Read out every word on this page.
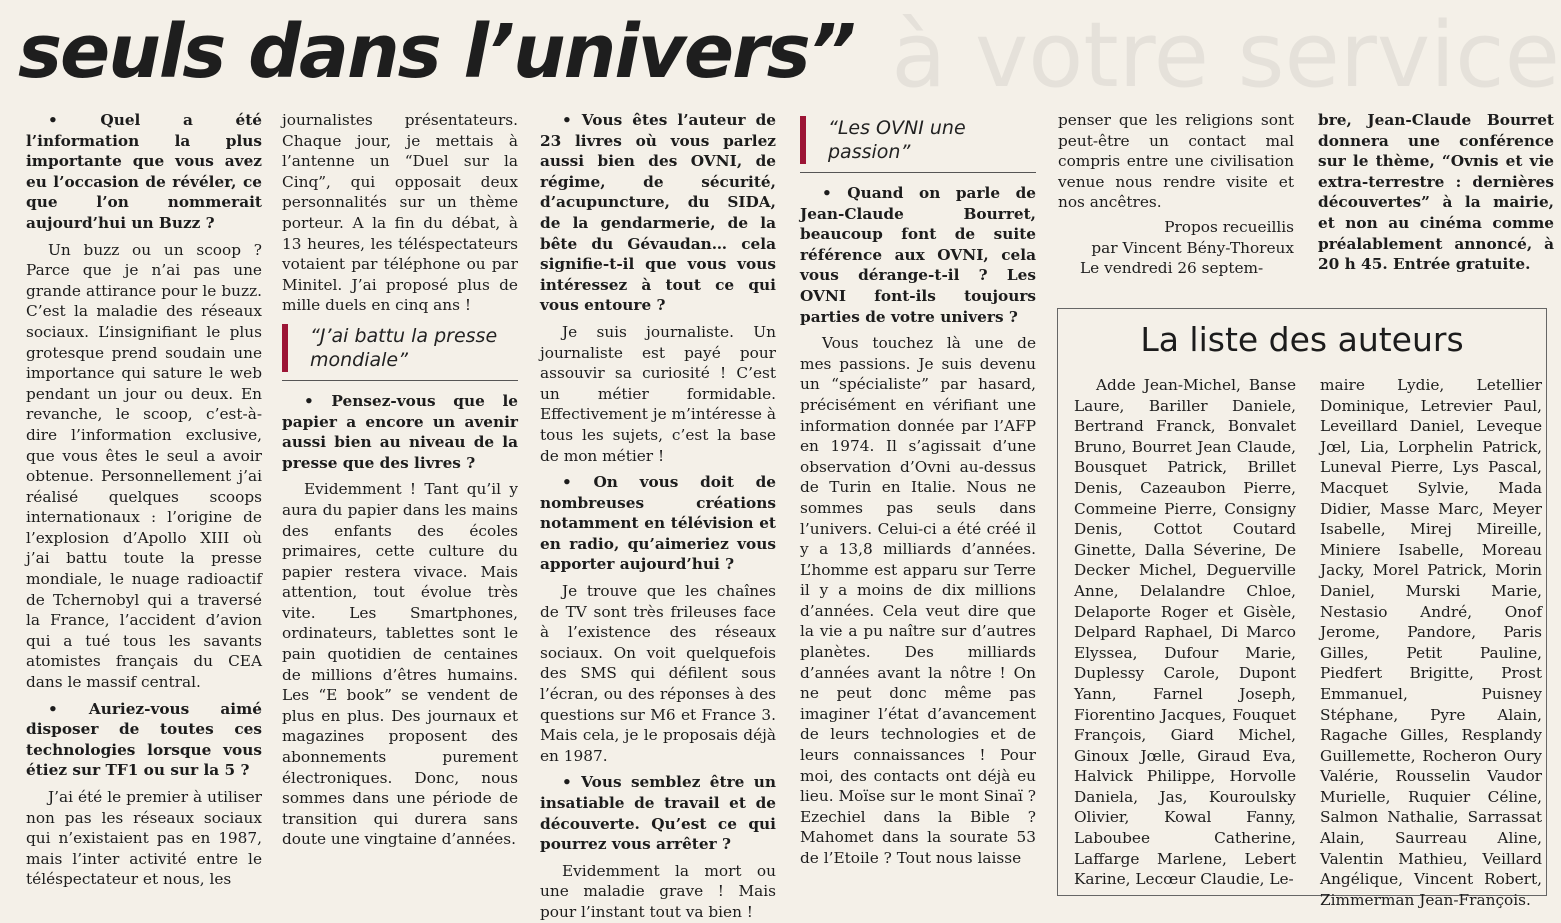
à votre service
seuls dans l’univers”

• Quel a été l’information la plus importante que vous avez eu l’occasion de révéler, ce que l’on nommerait aujourd’hui un Buzz ?

Un buzz ou un scoop ? Parce que je n’ai pas une grande attirance pour le buzz. C’est la maladie des réseaux sociaux. L’insignifiant le plus grotesque prend soudain une importance qui sature le web pendant un jour ou deux. En revanche, le scoop, c’est-à-dire l’information exclusive, que vous êtes le seul a avoir obtenue. Personnellement j’ai réalisé quelques scoops internationaux : l’origine de l’explosion d’Apollo XIII où j’ai battu toute la presse mondiale, le nuage radioactif de Tchernobyl qui a traversé la France, l’accident d’avion qui a tué tous les savants atomistes français du CEA dans le massif central.

• Auriez-vous aimé disposer de toutes ces technologies lorsque vous étiez sur TF1 ou sur la 5 ?

J’ai été le premier à utiliser non pas les réseaux sociaux qui n’existaient pas en 1987, mais l’inter activité entre le téléspectateur et nous, les

journalistes présentateurs. Chaque jour, je mettais à l’antenne un “Duel sur la Cinq”, qui opposait deux personnalités sur un thème porteur. A la fin du débat, à 13 heures, les téléspectateurs votaient par téléphone ou par Minitel. J’ai proposé plus de mille duels en cinq ans !

“J’ai battu la presse mondiale”

• Pensez-vous que le papier a encore un avenir aussi bien au niveau de la presse que des livres ?

Evidemment ! Tant qu’il y aura du papier dans les mains des enfants des écoles primaires, cette culture du papier restera vivace. Mais attention, tout évolue très vite. Les Smartphones, ordinateurs, tablettes sont le pain quotidien de centaines de millions d’êtres humains. Les “E book” se vendent de plus en plus. Des journaux et magazines proposent des abonnements purement électroniques. Donc, nous sommes dans une période de transition qui durera sans doute une vingtaine d’années.

• Vous êtes l’auteur de 23 livres où vous parlez aussi bien des OVNI, de régime, de sécurité, d’acupuncture, du SIDA, de la gendarmerie, de la bête du Gévaudan… cela signifie-t-il que vous vous intéressez à tout ce qui vous entoure ?

Je suis journaliste. Un journaliste est payé pour assouvir sa curiosité ! C’est un métier formidable. Effectivement je m’intéresse à tous les sujets, c’est la base de mon métier !

• On vous doit de nombreuses créations notamment en télévision et en radio, qu’aimeriez vous apporter aujourd’hui ?

Je trouve que les chaînes de TV sont très frileuses face à l’existence des réseaux sociaux. On voit quelquefois des SMS qui défilent sous l’écran, ou des réponses à des questions sur M6 et France 3. Mais cela, je le proposais déjà en 1987.

• Vous semblez être un insatiable de travail et de découverte. Qu’est ce qui pourrez vous arrêter ?

Evidemment la mort ou une maladie grave ! Mais pour l’instant tout va bien !

“Les OVNI une passion”

• Quand on parle de Jean-Claude Bourret, beaucoup font de suite référence aux OVNI, cela vous dérange-t-il ? Les OVNI font-ils toujours parties de votre univers ?

Vous touchez là une de mes passions. Je suis devenu un “spécialiste” par hasard, précisément en vérifiant une information donnée par l’AFP en 1974. Il s’agissait d’une observation d’Ovni au-dessus de Turin en Italie. Nous ne sommes pas seuls dans l’univers. Celui-ci a été créé il y a 13,8 milliards d’années. L’homme est apparu sur Terre il y a moins de dix millions d’années. Cela veut dire que la vie a pu naître sur d’autres planètes. Des milliards d’années avant la nôtre ! On ne peut donc même pas imaginer l’état d’avancement de leurs technologies et de leurs connaissances ! Pour moi, des contacts ont déjà eu lieu. Moïse sur le mont Sinaï ? Ezechiel dans la Bible ? Mahomet dans la sourate 53 de l’Etoile ? Tout nous laisse

penser que les religions sont peut-être un contact mal compris entre une civilisation venue nous rendre visite et nos ancêtres.

Propos recueillis

par Vincent Bény-Thoreux

Le vendredi 26 septem-

bre, Jean-Claude Bourret donnera une conférence sur le thème, “Ovnis et vie extra-terrestre : dernières découvertes” à la mairie, et non au cinéma comme préalablement annoncé, à 20 h 45. Entrée gratuite.

La liste des auteurs

Adde Jean-Michel, Banse Laure, Bariller Daniele, Bertrand Franck, Bonvalet Bruno, Bourret Jean Claude, Bousquet Patrick, Brillet Denis, Cazeaubon Pierre, Commeine Pierre, Consigny Denis, Cottot Coutard Ginette, Dalla Séverine, De Decker Michel, Deguerville Anne, Delalandre Chloe, Delaporte Roger et Gisèle, Delpard Raphael, Di Marco Elyssea, Dufour Marie, Duplessy Carole, Dupont Yann, Farnel Joseph, Fiorentino Jacques, Fouquet François, Giard Michel, Ginoux Jœlle, Giraud Eva, Halvick Philippe, Horvolle Daniela, Jas, Kouroulsky Olivier, Kowal Fanny, Laboubee Catherine, Laffarge Marlene, Lebert Karine, Lecœur Claudie, Le-

maire Lydie, Letellier Dominique, Letrevier Paul, Leveillard Daniel, Leveque Jœl, Lia, Lorphelin Patrick, Luneval Pierre, Lys Pascal, Macquet Sylvie, Mada Didier, Masse Marc, Meyer Isabelle, Mirej Mireille, Miniere Isabelle, Moreau Jacky, Morel Patrick, Morin Daniel, Murski Marie, Nestasio André, Onof Jerome, Pandore, Paris Gilles, Petit Pauline, Piedfert Brigitte, Prost Emmanuel, Puisney Stéphane, Pyre Alain, Ragache Gilles, Resplandy Guillemette, Rocheron Oury Valérie, Rousselin Vaudor Murielle, Ruquier Céline, Salmon Nathalie, Sarrassat Alain, Saurreau Aline, Valentin Mathieu, Veillard Angélique, Vincent Robert, Zimmerman Jean-François.
